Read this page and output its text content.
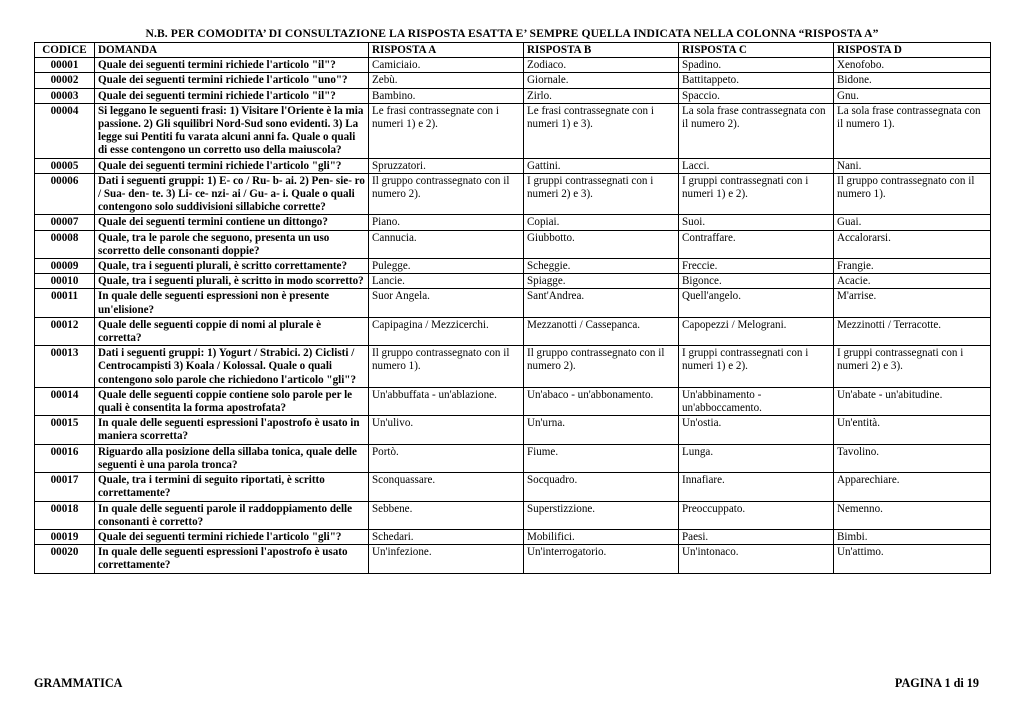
N.B. PER COMODITA’ DI CONSULTAZIONE LA RISPOSTA ESATTA E’ SEMPRE QUELLA INDICATA NELLA COLONNA “RISPOSTA A”
CODICE	DOMANDA	RISPOSTA A	RISPOSTA B	RISPOSTA C	RISPOSTA D
00001	Quale dei seguenti termini richiede l'articolo "il"?	Camiciaio.	Zodiaco.	Spadino.	Xenofobo.
00002	Quale dei seguenti termini richiede l'articolo "uno"?	Zebù.	Giornale.	Battitappeto.	Bidone.
00003	Quale dei seguenti termini richiede l'articolo "il"?	Bambino.	Zirlo.	Spaccio.	Gnu.
00004	Si leggano le seguenti frasi: 1) Visitare l'Oriente è la mia passione. 2) Gli squilibri Nord-Sud sono evidenti. 3) La legge sui Pentiti fu varata alcuni anni fa. Quale o quali di esse contengono un corretto uso della maiuscola?	Le frasi contrassegnate con i numeri 1) e 2).	Le frasi contrassegnate con i numeri 1) e 3).	La sola frase contrassegnata con il numero 2).	La sola frase contrassegnata con il numero 1).
00005	Quale dei seguenti termini richiede l'articolo "gli"?	Spruzzatori.	Gattini.	Lacci.	Nani.
00006	Dati i seguenti gruppi: 1) E- co / Ru- b- ai. 2) Pen- sie- ro / Sua- den- te. 3) Li- ce- nzi- ai / Gu- a- i. Quale o quali contengono solo suddivisioni sillabiche corrette?	Il gruppo contrassegnato con il numero 2).	I gruppi contrassegnati con i numeri 2) e 3).	I gruppi contrassegnati con i numeri 1) e 2).	Il gruppo contrassegnato con il numero 1).
00007	Quale dei seguenti termini contiene un dittongo?	Piano.	Copiai.	Suoi.	Guai.
00008	Quale, tra le parole che seguono, presenta un uso scorretto delle consonanti doppie?	Cannucia.	Giubbotto.	Contraffare.	Accalorarsi.
00009	Quale, tra i seguenti plurali, è scritto correttamente?	Pulegge.	Scheggie.	Freccie.	Frangie.
00010	Quale, tra i seguenti plurali, è scritto in modo scorretto?	Lancie.	Spiagge.	Bigonce.	Acacie.
00011	In quale delle seguenti espressioni non è presente un'elisione?	Suor Angela.	Sant'Andrea.	Quell'angelo.	M'arrise.
00012	Quale delle seguenti coppie di nomi al plurale è corretta?	Capipagina / Mezzicerchi.	Mezzanotti / Cassepanca.	Capopezzi / Melograni.	Mezzinotti / Terracotte.
00013	Dati i seguenti gruppi: 1) Yogurt / Strabici. 2) Ciclisti / Centrocampisti 3) Koala / Kolossal. Quale o quali contengono solo parole che richiedono l'articolo "gli"?	Il gruppo contrassegnato con il numero 1).	Il gruppo contrassegnato con il numero 2).	I gruppi contrassegnati con i numeri 1) e 2).	I gruppi contrassegnati con i numeri 2) e 3).
00014	Quale delle seguenti coppie contiene solo parole per le quali è consentita la forma apostrofata?	Un'abbuffata - un'ablazione.	Un'abaco - un'abbonamento.	Un'abbinamento - un'abboccamento.	Un'abate - un'abitudine.
00015	In quale delle seguenti espressioni l'apostrofo è usato in maniera scorretta?	Un'ulivo.	Un'urna.	Un'ostia.	Un'entità.
00016	Riguardo alla posizione della sillaba tonica, quale delle seguenti è una parola tronca?	Portò.	Fiume.	Lunga.	Tavolino.
00017	Quale, tra i termini di seguito riportati, è scritto correttamente?	Sconquassare.	Socquadro.	Innafiare.	Apparechiare.
00018	In quale delle seguenti parole il raddoppiamento delle consonanti è corretto?	Sebbene.	Superstizzione.	Preoccuppato.	Nemenno.
00019	Quale dei seguenti termini richiede l'articolo "gli"?	Schedari.	Mobilifici.	Paesi.	Bimbi.
00020	In quale delle seguenti espressioni l'apostrofo è usato correttamente?	Un'infezione.	Un'interrogatorio.	Un'intonaco.	Un'attimo.
GRAMMATICA	PAGINA 1 di 19
